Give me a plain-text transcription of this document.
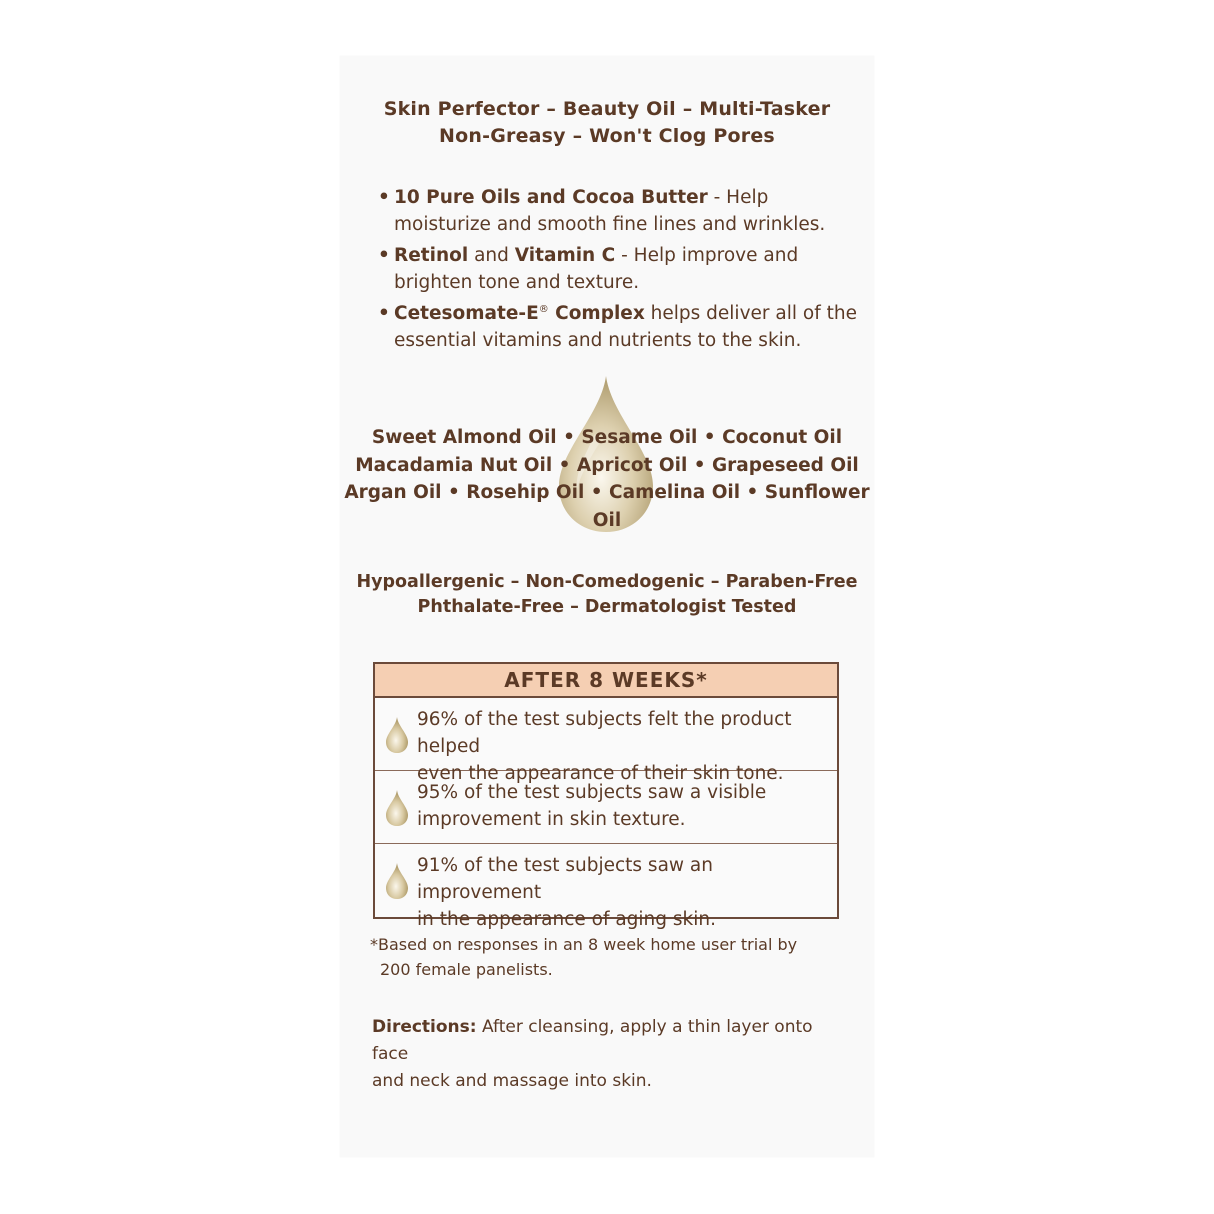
Skin Perfector – Beauty Oil – Multi-Tasker
Non-Greasy – Won't Clog Pores
• 10 Pure Oils and Cocoa Butter - Help moisturize and smooth fine lines and wrinkles.
• Retinol and Vitamin C - Help improve and brighten tone and texture.
• Cetesomate-E® Complex helps deliver all of the essential vitamins and nutrients to the skin.
Sweet Almond Oil • Sesame Oil • Coconut Oil
Macadamia Nut Oil • Apricot Oil • Grapeseed Oil
Argan Oil • Rosehip Oil • Camelina Oil • Sunflower Oil
Hypoallergenic – Non-Comedogenic – Paraben-Free
Phthalate-Free – Dermatologist Tested
AFTER 8 WEEKS*
96% of the test subjects felt the product helped
even the appearance of their skin tone.
95% of the test subjects saw a visible
improvement in skin texture.
91% of the test subjects saw an improvement
in the appearance of aging skin.
*Based on responses in an 8 week home user trial by
200 female panelists.
Directions: After cleansing, apply a thin layer onto face
and neck and massage into skin.
